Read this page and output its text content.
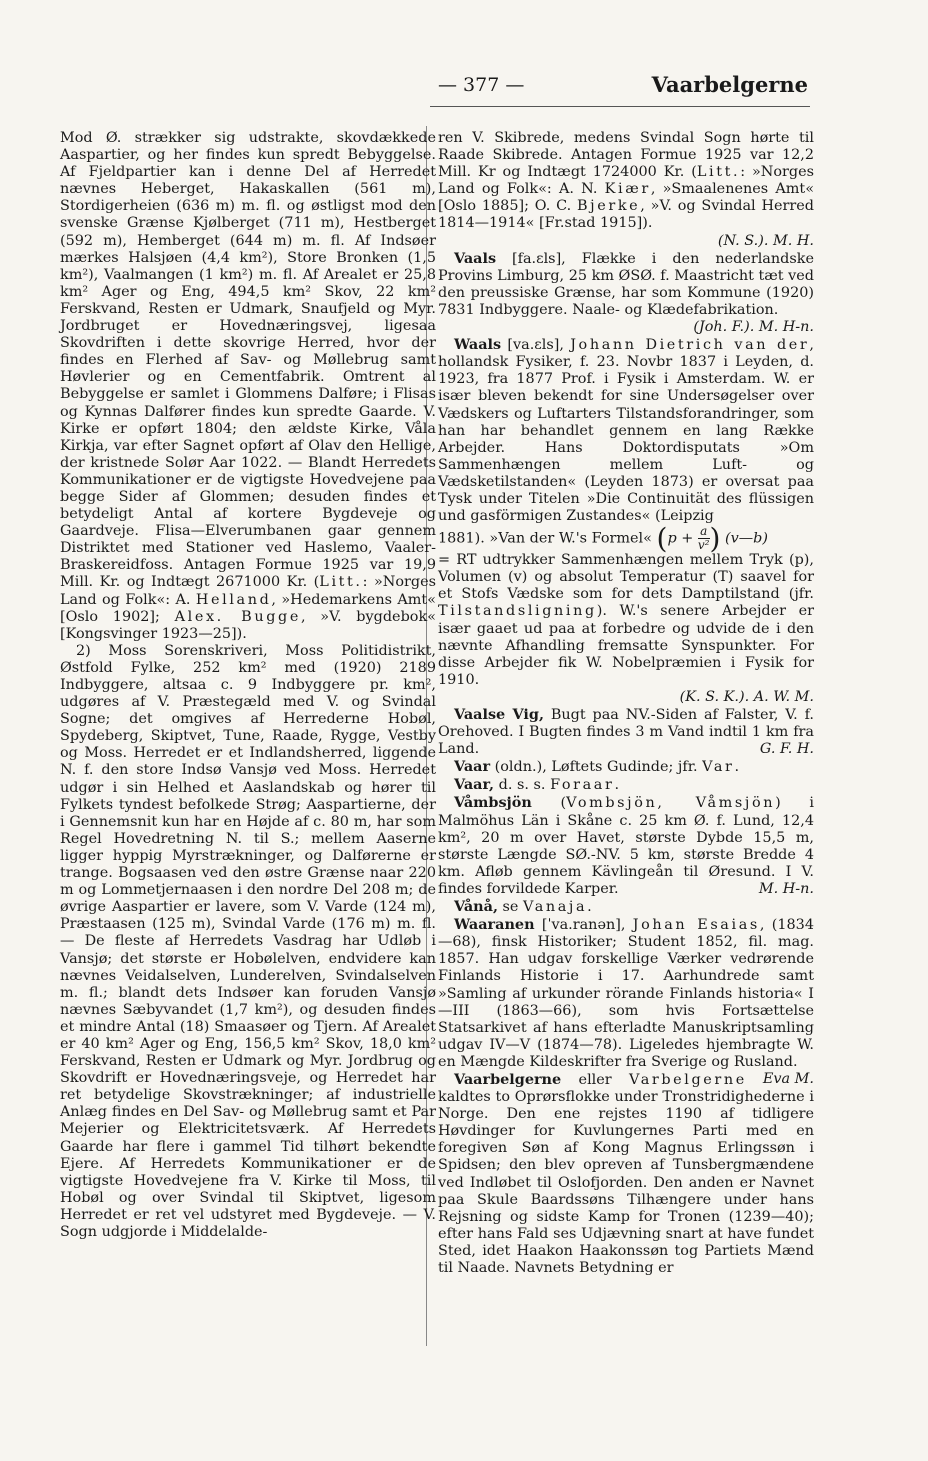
— 377 —	Vaarbelgerne

Mod Ø. strækker sig udstrakte, skovdækkede Aaspartier, og her findes kun spredt Bebyggelse. Af Fjeldpartier kan i denne Del af Herredet nævnes Heberget, Hakaskallen (561 m), Stordigerheien (636 m) m. fl. og østligst mod den svenske Grænse Kjølberget (711 m), Hestberget (592 m), Hemberget (644 m) m. fl. Af Indsøer mærkes Halsjøen (4,4 km²), Store Bronken (1,5 km²), Vaalmangen (1 km²) m. fl. Af Arealet er 25,8 km² Ager og Eng, 494,5 km² Skov, 22 km² Ferskvand, Resten er Udmark, Snaufjeld og Myr. Jordbruget er Hovednæringsvej, ligesaa Skovdriften i dette skovrige Herred, hvor der findes en Flerhed af Sav- og Møllebrug samt Høvlerier og en Cementfabrik. Omtrent al Bebyggelse er samlet i Glommens Dalføre; i Flisas og Kynnas Dalfører findes kun spredte Gaarde. V. Kirke er opført 1804; den ældste Kirke, Våla Kirkja, var efter Sagnet opført af Olav den Hellige, der kristnede Solør Aar 1022. — Blandt Herredets Kommunikationer er de vigtigste Hovedvejene paa begge Sider af Glommen; desuden findes et betydeligt Antal af kortere Bygdeveje og Gaardveje. Flisa—Elverumbanen gaar gennem Distriktet med Stationer ved Haslemo, Vaaler-Braskereidfoss. Antagen Formue 1925 var 19,9 Mill. Kr. og Indtægt 2671000 Kr. (Litt.: »Norges Land og Folk«: A. Helland, »Hedemarkens Amt« [Oslo 1902]; Alex. Bugge, »V. bygdebok« [Kongsvinger 1923—25]).

2) Moss Sorenskriveri, Moss Politidistrikt, Østfold Fylke, 252 km² med (1920) 2189 Indbyggere, altsaa c. 9 Indbyggere pr. km², udgøres af V. Præstegæld med V. og Svindal Sogne; det omgives af Herrederne Hobøl, Spydeberg, Skiptvet, Tune, Raade, Rygge, Vestby og Moss. Herredet er et Indlandsherred, liggende N. f. den store Indsø Vansjø ved Moss. Herredet udgør i sin Helhed et Aaslandskab og hører til Fylkets tyndest befolkede Strøg; Aaspartierne, der i Gennemsnit kun har en Højde af c. 80 m, har som Regel Hovedretning N. til S.; mellem Aaserne ligger hyppig Myrstrækninger, og Dalførerne er trange. Bogsaasen ved den østre Grænse naar 220 m og Lommetjernaasen i den nordre Del 208 m; de øvrige Aaspartier er lavere, som V. Varde (124 m), Præstaasen (125 m), Svindal Varde (176 m) m. fl. — De fleste af Herredets Vasdrag har Udløb i Vansjø; det største er Hobølelven, endvidere kan nævnes Veidalselven, Lunderelven, Svindalselven m. fl.; blandt dets Indsøer kan foruden Vansjø nævnes Sæbyvandet (1,7 km²), og desuden findes et mindre Antal (18) Smaasøer og Tjern. Af Arealet er 40 km² Ager og Eng, 156,5 km² Skov, 18,0 km² Ferskvand, Resten er Udmark og Myr. Jordbrug og Skovdrift er Hovednæringsveje, og Herredet har ret betydelige Skovstrækninger; af industrielle Anlæg findes en Del Sav- og Møllebrug samt et Par Mejerier og Elektricitetsværk. Af Herredets Gaarde har flere i gammel Tid tilhørt bekendte Ejere. Af Herredets Kommunikationer er de vigtigste Hovedvejene fra V. Kirke til Moss, til Hobøl og over Svindal til Skiptvet, ligesom Herredet er ret vel udstyret med Bygdeveje. — V. Sogn udgjorde i Middelalde-

ren V. Skibrede, medens Svindal Sogn hørte til Raade Skibrede. Antagen Formue 1925 var 12,2 Mill. Kr og Indtægt 1724000 Kr. (Litt.: »Norges Land og Folk«: A. N. Kiær, »Smaalenenes Amt« [Oslo 1885]; O. C. Bjerke, »V. og Svindal Herred 1814—1914« [Fr.stad 1915]).

(N. S.). M. H.

Vaals [fa.ɛls], Flække i den nederlandske Provins Limburg, 25 km ØSØ. f. Maastricht tæt ved den preussiske Grænse, har som Kommune (1920) 7831 Indbyggere. Naale- og Klædefabrikation.

(Joh. F.). M. H-n.

Waals [va.ɛls], Johann Dietrich van der, hollandsk Fysiker, f. 23. Novbr 1837 i Leyden, d. 1923, fra 1877 Prof. i Fysik i Amsterdam. W. er især bleven bekendt for sine Undersøgelser over Vædskers og Luftarters Tilstandsforandringer, som han har behandlet gennem en lang Række Arbejder. Hans Doktordisputats »Om Sammenhængen mellem Luft- og Vædsketilstanden« (Leyden 1873) er oversat paa Tysk under Titelen »Die Continuität des flüssigen und gasförmigen Zustandes« (Leipzig

1881). »Van der W.'s Formel« ($p + \frac{a}{\text{v²}}$ ) (v—b)

= RT udtrykker Sammenhængen mellem Tryk (p), Volumen (v) og absolut Temperatur (T) saavel for et Stofs Vædske som for dets Damptilstand (jfr. Tilstandsligning). W.'s senere Arbejder er især gaaet ud paa at forbedre og udvide de i den nævnte Afhandling fremsatte Synspunkter. For disse Arbejder fik W. Nobelpræmien i Fysik for 1910.

(K. S. K.). A. W. M.

Vaalse Vig, Bugt paa NV.-Siden af Falster, V. f. Orehoved. I Bugten findes 3 m Vand indtil 1 km fra Land.	G. F. H.

Vaar (oldn.), Løftets Gudinde; jfr. Var.

Vaar, d. s. s. Foraar.

Våmbsjön (Vombsjön, Våmsjön) i Malmöhus Län i Skåne c. 25 km Ø. f. Lund, 12,4 km², 20 m over Havet, største Dybde 15,5 m, største Længde SØ.-NV. 5 km, største Bredde 4 km. Afløb gennem Kävlingeån til Øresund. I V. findes forvildede Karper.	M. H-n.

Vånå, se Vanaja.

Waaranen [ˈva.ranən], Johan Esaias, (1834—68), finsk Historiker; Student 1852, fil. mag. 1857. Han udgav forskellige Værker vedrørende Finlands Historie i 17. Aarhundrede samt »Samling af urkunder rörande Finlands historia« I—III (1863—66), som hvis Fortsættelse Statsarkivet af hans efterladte Manuskriptsamling udgav IV—V (1874—78). Ligeledes hjembragte W. en Mængde Kildeskrifter fra Sverige og Rusland.
Eva M.

Vaarbelgerne eller Varbelgerne kaldtes to Oprørsflokke under Tronstridighederne i Norge. Den ene rejstes 1190 af tidligere Høvdinger for Kuvlungernes Parti med en foregiven Søn af Kong Magnus Erlingssøn i Spidsen; den blev opreven af Tunsbergmændene ved Indløbet til Oslofjorden. Den anden er Navnet paa Skule Baardssøns Tilhængere under hans Rejsning og sidste Kamp for Tronen (1239—40); efter hans Fald ses Udjævning snart at have fundet Sted, idet Haakon Haakonssøn tog Partiets Mænd til Naade. Navnets Betydning er
